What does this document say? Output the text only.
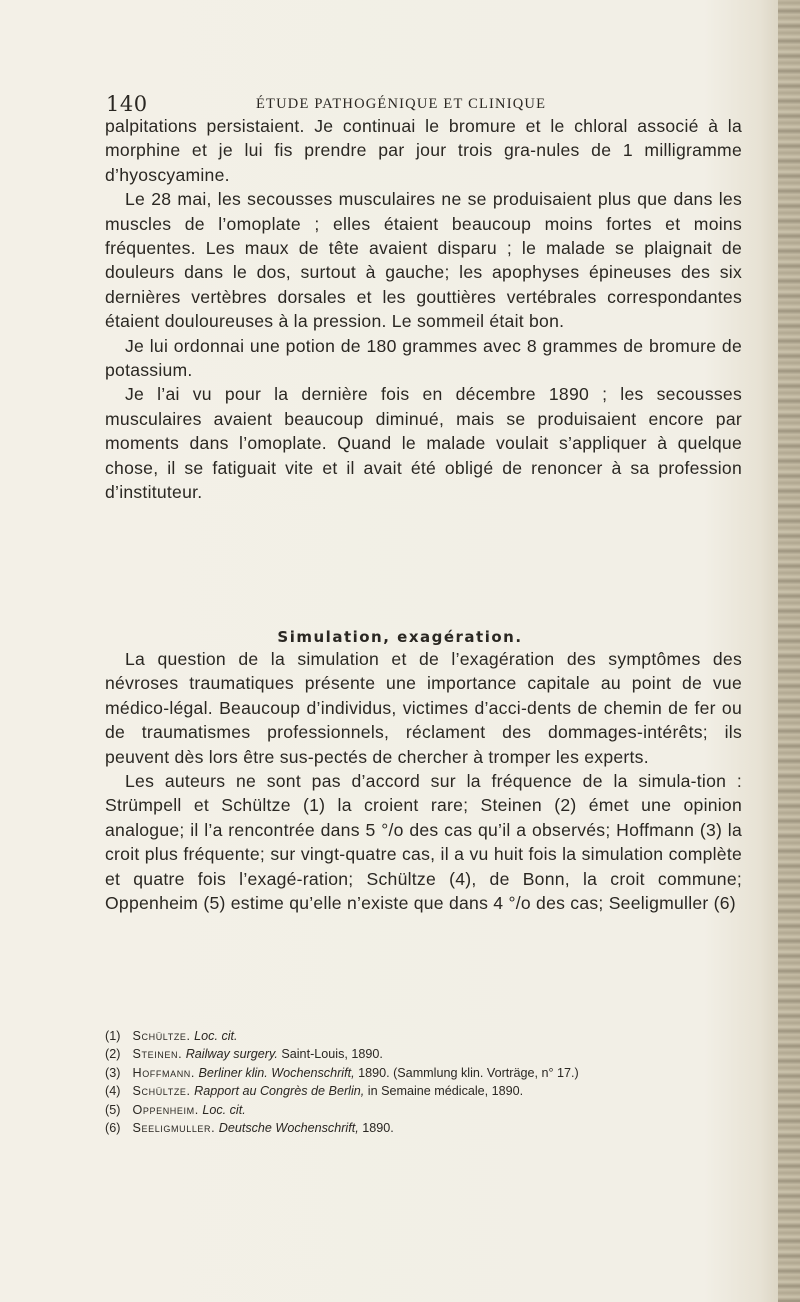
140	ÉTUDE PATHOGÉNIQUE ET CLINIQUE

palpitations persistaient. Je continuai le bromure et le chloral associé à la morphine et je lui fis prendre par jour trois gra-nules de 1 milligramme d’hyoscyamine.

Le 28 mai, les secousses musculaires ne se produisaient plus que dans les muscles de l’omoplate ; elles étaient beaucoup moins fortes et moins fréquentes. Les maux de tête avaient disparu ; le malade se plaignait de douleurs dans le dos, surtout à gauche; les apophyses épineuses des six dernières vertèbres dorsales et les gouttières vertébrales correspondantes étaient douloureuses à la pression. Le sommeil était bon.

Je lui ordonnai une potion de 180 grammes avec 8 grammes de bromure de potassium.

Je l’ai vu pour la dernière fois en décembre 1890 ; les secousses musculaires avaient beaucoup diminué, mais se produisaient encore par moments dans l’omoplate. Quand le malade voulait s’appliquer à quelque chose, il se fatiguait vite et il avait été obligé de renoncer à sa profession d’instituteur.

Simulation, exagération.

La question de la simulation et de l’exagération des symptômes des névroses traumatiques présente une importance capitale au point de vue médico-légal. Beaucoup d’individus, victimes d’acci-dents de chemin de fer ou de traumatismes professionnels, réclament des dommages-intérêts; ils peuvent dès lors être sus-pectés de chercher à tromper les experts.

Les auteurs ne sont pas d’accord sur la fréquence de la simula-tion : Strümpell et Schültze (1) la croient rare; Steinen (2) émet une opinion analogue; il l’a rencontrée dans 5 °/o des cas qu’il a observés; Hoffmann (3) la croit plus fréquente; sur vingt-quatre cas, il a vu huit fois la simulation complète et quatre fois l’exagé-ration; Schültze (4), de Bonn, la croit commune; Oppenheim (5) estime qu’elle n’existe que dans 4 °/o des cas; Seeligmuller (6)

(1) Schültze. Loc. cit.
(2) Steinen. Railway surgery. Saint-Louis, 1890.
(3) Hoffmann. Berliner klin. Wochenschrift, 1890. (Sammlung klin. Vorträge, n° 17.)
(4) Schültze. Rapport au Congrès de Berlin, in Semaine médicale, 1890.
(5) Oppenheim. Loc. cit.
(6) Seeligmuller. Deutsche Wochenschrift, 1890.
